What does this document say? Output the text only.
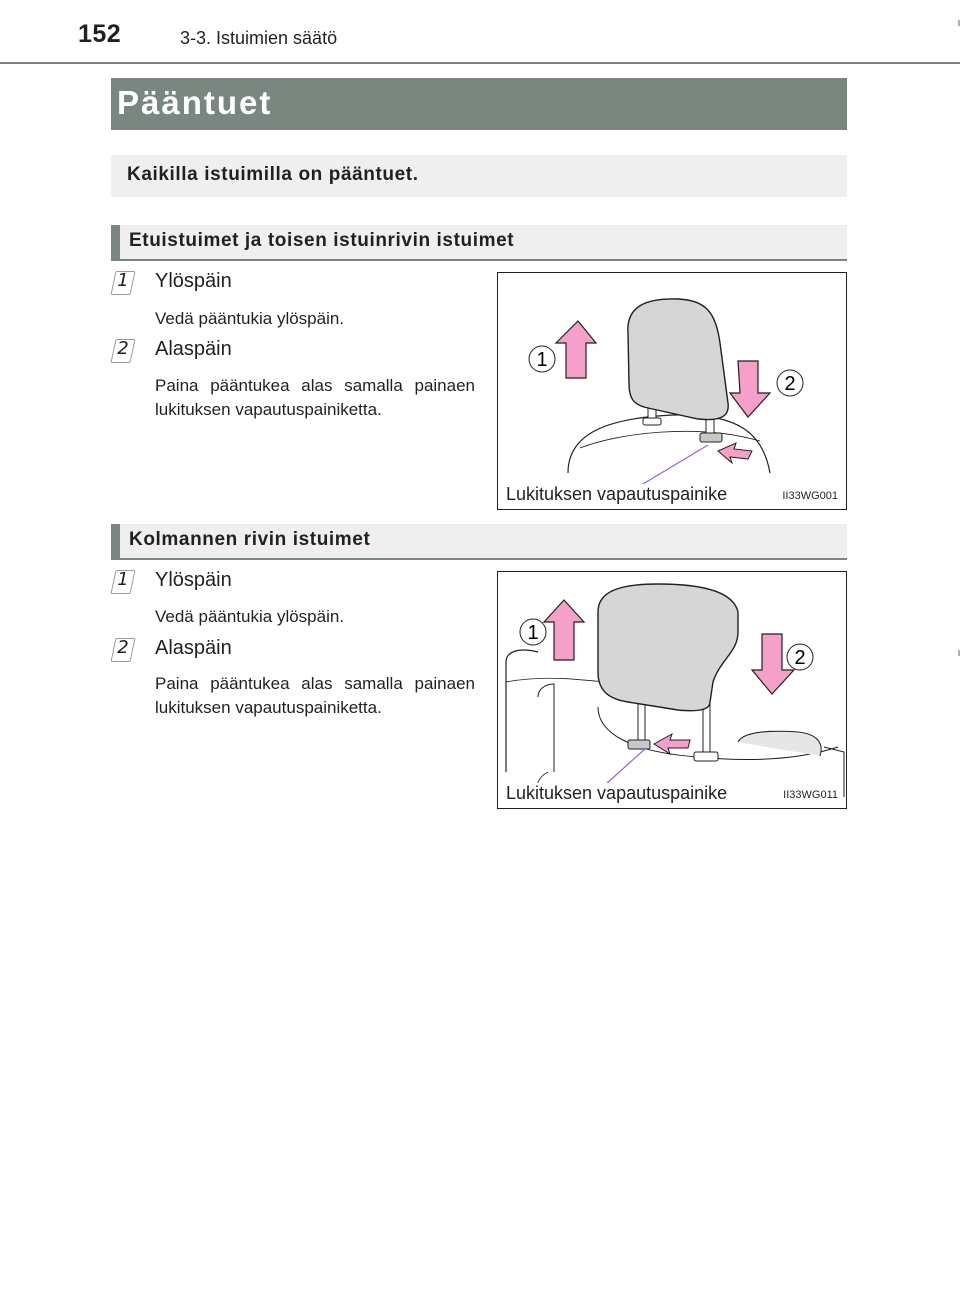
152	3-3. Istuimien säätö
Pääntuet
Kaikilla istuimilla on pääntuet.
Etuistuimet ja toisen istuinrivin istuimet
1 Ylöspäin
Vedä pääntukia ylöspäin.
2 Alaspäin
Paina pääntukea alas samalla painaen lukituksen vapautuspainiketta.
1
2
Lukituksen vapautuspainike	II33WG001
Kolmannen rivin istuimet
1 Ylöspäin
Vedä pääntukia ylöspäin.
2 Alaspäin
Paina pääntukea alas samalla painaen lukituksen vapautuspainiketta.
1
2
Lukituksen vapautuspainike	II33WG011
